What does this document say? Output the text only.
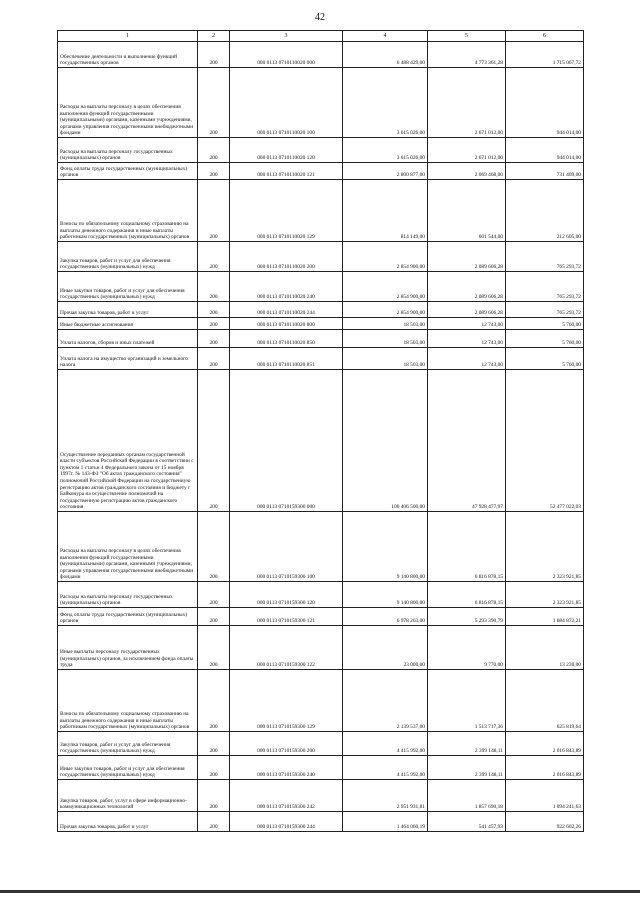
42
1	2	3	4	5	6
Обеспечение деятельности и выполнение функций государственных органов	200	000 0113 0710110020 000	6 488 429,00	4 773 361,28	1 715 067,72
Расходы на выплаты персоналу в целях обеспечения выполнения функций государственными (муниципальными) органами, казенными учреждениями, органами управления государственными внебюджетными фондами	200	000 0113 0710110020 100	3 615 026,00	2 671 012,00	944 014,00
Расходы на выплаты персоналу государственных (муниципальных) органов	200	000 0113 0710110020 120	3 615 026,00	2 671 012,00	944 014,00
Фонд оплаты труда государственных (муниципальных) органов	200	000 0113 0710110020 121	2 800 877,00	2 069 468,00	731 409,00
Взносы по обязательному социальному страхованию на выплаты денежного содержания и иные выплаты работникам государственных (муниципальных) органов	200	000 0113 0710110020 129	814 149,00	601 544,00	212 605,00
Закупка товаров, работ и услуг для обеспечения государственных (муниципальных) нужд	200	000 0113 0710110020 200	2 854 900,00	2 089 606,28	765 293,72
Иные закупки товаров, работ и услуг для обеспечения государственных (муниципальных) нужд	200	000 0113 0710110020 240	2 854 900,00	2 089 606,28	765 293,72
Прочая закупка товаров, работ и услуг	200	000 0113 0710110020 244	2 854 900,00	2 089 606,28	765 293,72
Иные бюджетные ассигнования	200	000 0113 0710110020 800	18 503,00	12 743,00	5 760,00
Уплата налогов, сборов и иных платежей	200	000 0113 0710110020 850	18 503,00	12 743,00	5 760,00
Уплата налога на имущество организаций и земельного налога	200	000 0113 0710110020 851	18 503,00	12 743,00	5 760,00
Осуществление переданных органам государственной власти субъектов Российской Федерации в соответствии с пунктом 1 статьи 4 Федерального закона от 15 ноября 1997г. № 143-ФЗ "Об актах гражданского состояния" полномочий Российской Федерации на государственную регистрацию актов гражданского состояния и бюджету г Байконура на осуществление полномочий на государственную регистрацию актов гражданского состояния	200	000 0113 0710159300 000	100 406 500,00	47 928 477,97	52 477 022,03
Расходы на выплаты персоналу в целях обеспечения выполнения функций государственными (муниципальными) органами, казенными учреждениями, органами управления государственными внебюджетными фондами	200	000 0113 0710159300 100	9 140 800,00	6 816 878,15	2 323 921,85
Расходы на выплаты персоналу государственных (муниципальных) органов	200	000 0113 0710159300 120	9 140 800,00	6 816 878,15	2 323 921,85
Фонд оплаты труда государственных (муниципальных) органов	200	000 0113 0710159300 121	6 978 263,00	5 293 390,79	1 684 872,21
Иные выплаты персоналу государственных (муниципальных) органов, за исключением фонда оплаты труда	200	000 0113 0710159300 122	23 000,00	9 770,00	13 230,00
Взносы по обязательному социальному страхованию на выплаты денежного содержания и иные выплаты работникам государственных (муниципальных) органов	200	000 0113 0710159300 129	2 139 537,00	1 513 717,36	625 819,64
Закупка товаров, работ и услуг для обеспечения государственных (муниципальных) нужд	200	000 0113 0710159300 200	4 415 992,00	2 399 148,11	2 016 843,89
Иные закупки товаров, работ и услуг для обеспечения государственных (муниципальных) нужд	200	000 0113 0710159300 240	4 415 992,00	2 399 148,11	2 016 843,89
Закупка товаров, работ, услуг в сфере информационно-коммуникационных технологий	200	000 0113 0710159300 242	2 951 931,81	1 857 690,18	1 094 241,63
Прочая закупка товаров, работ и услуг	200	000 0113 0710159300 244	1 464 060,19	541 457,93	922 602,26
